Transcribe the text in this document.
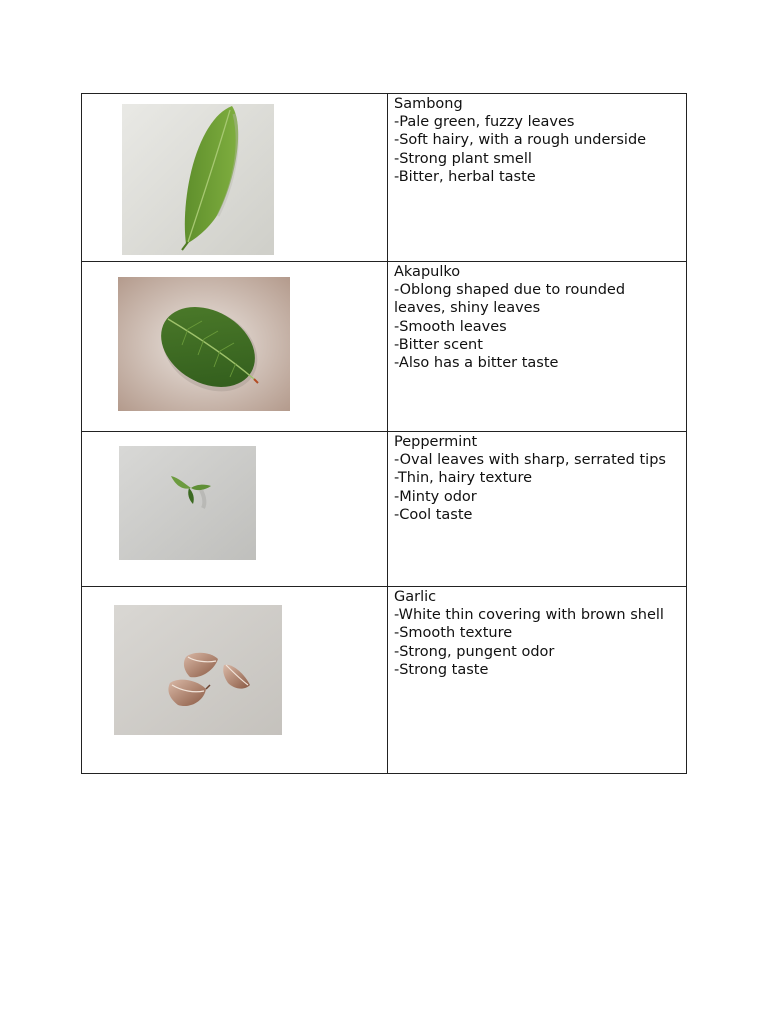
Sambong
-Pale green, fuzzy leaves
-Soft hairy, with a rough underside
-Strong plant smell
-Bitter, herbal taste
Akapulko
-Oblong shaped due to rounded leaves, shiny leaves
-Smooth leaves
-Bitter scent
-Also has a bitter taste
Peppermint
-Oval leaves with sharp, serrated tips
-Thin, hairy texture
-Minty odor
-Cool taste
Garlic
-White thin covering with brown shell
-Smooth texture
-Strong, pungent odor
-Strong taste
